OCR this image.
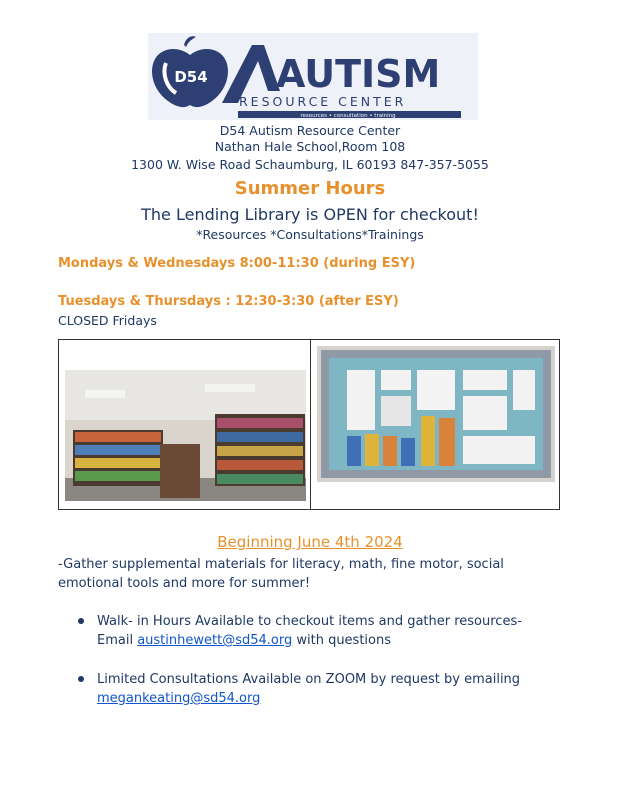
D54 AUTISM
RESOURCE CENTER
resources • consultation • training
D54 Autism Resource Center
Nathan Hale School,Room 108
1300 W. Wise Road Schaumburg, IL 60193 847-357-5055
Summer Hours
The Lending Library is OPEN for checkout!
*Resources *Consultations*Trainings
Mondays & Wednesdays 8:00-11:30 (during ESY)
Tuesdays & Thursdays : 12:30-3:30 (after ESY)
CLOSED Fridays
Beginning June 4th 2024
-Gather supplemental materials for literacy, math, fine motor, social emotional tools and more for summer!
Walk- in Hours Available to checkout items and gather resources- Email austinhewett@sd54.org with questions
Limited Consultations Available on ZOOM by request by emailing megankeating@sd54.org
